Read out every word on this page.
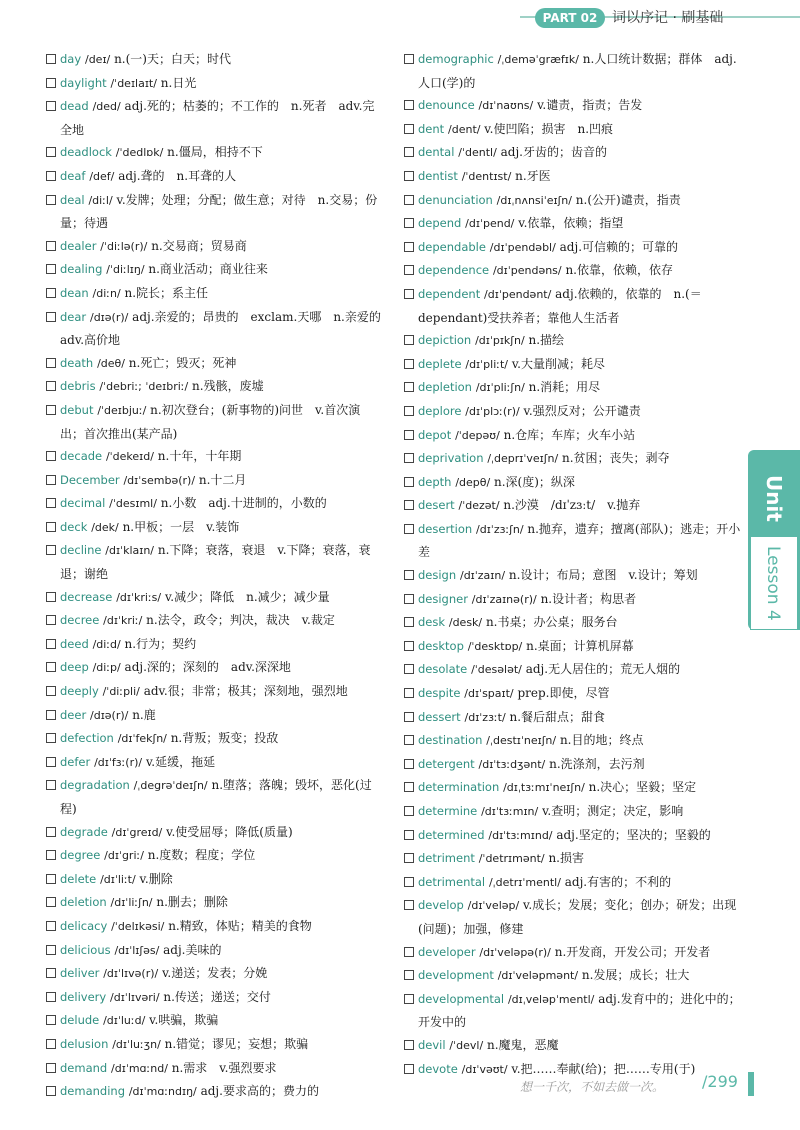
PART 02	词以序记 · 刷基础

day /deɪ/ n.(一)天；白天；时代

daylight /ˈdeɪlaɪt/ n.日光

dead /ded/ adj.死的；枯萎的；不工作的　n.死者　adv.完全地

deadlock /ˈdedlɒk/ n.僵局，相持不下

deaf /def/ adj.聋的　n.耳聋的人

deal /diːl/ v.发牌；处理；分配；做生意；对待　n.交易；份量；待遇

dealer /ˈdiːlə(r)/ n.交易商；贸易商

dealing /ˈdiːlɪŋ/ n.商业活动；商业往来

dean /diːn/ n.院长；系主任

dear /dɪə(r)/ adj.亲爱的；昂贵的　exclam.天哪　n.亲爱的　adv.高价地

death /deθ/ n.死亡；毁灭；死神

debris /ˈdebriː; ˈdeɪbriː/ n.残骸，废墟

debut /ˈdeɪbjuː/ n.初次登台；(新事物的)问世　v.首次演出；首次推出(某产品)

decade /ˈdekeɪd/ n.十年，十年期

December /dɪˈsembə(r)/ n.十二月

decimal /ˈdesɪml/ n.小数　adj.十进制的，小数的

deck /dek/ n.甲板；一层　v.装饰

decline /dɪˈklaɪn/ n.下降；衰落，衰退　v.下降；衰落，衰退；谢绝

decrease /dɪˈkriːs/ v.减少；降低　n.减少；减少量

decree /dɪˈkriː/ n.法令，政令；判决，裁决　v.裁定

deed /diːd/ n.行为；契约

deep /diːp/ adj.深的；深刻的　adv.深深地

deeply /ˈdiːpli/ adv.很；非常；极其；深刻地，强烈地

deer /dɪə(r)/ n.鹿

defection /dɪˈfekʃn/ n.背叛；叛变；投敌

defer /dɪˈfɜː(r)/ v.延缓，拖延

degradation /ˌdegrəˈdeɪʃn/ n.堕落；落魄；毁坏，恶化(过程)

degrade /dɪˈgreɪd/ v.使受屈辱；降低(质量)

degree /dɪˈgriː/ n.度数；程度；学位

delete /dɪˈliːt/ v.删除

deletion /dɪˈliːʃn/ n.删去；删除

delicacy /ˈdelɪkəsi/ n.精致，体贴；精美的食物

delicious /dɪˈlɪʃəs/ adj.美味的

deliver /dɪˈlɪvə(r)/ v.递送；发表；分娩

delivery /dɪˈlɪvəri/ n.传送；递送；交付

delude /dɪˈluːd/ v.哄骗，欺骗

delusion /dɪˈluːʒn/ n.错觉；谬见；妄想；欺骗

demand /dɪˈmɑːnd/ n.需求　v.强烈要求

demanding /dɪˈmɑːndɪŋ/ adj.要求高的；费力的

demographic /ˌdeməˈgræfɪk/ n.人口统计数据；群体　adj.人口(学)的

denounce /dɪˈnaʊns/ v.谴责，指责；告发

dent /dent/ v.使凹陷；损害　n.凹痕

dental /ˈdentl/ adj.牙齿的；齿音的

dentist /ˈdentɪst/ n.牙医

denunciation /dɪˌnʌnsiˈeɪʃn/ n.(公开)谴责，指责

depend /dɪˈpend/ v.依靠，依赖；指望

dependable /dɪˈpendəbl/ adj.可信赖的；可靠的

dependence /dɪˈpendəns/ n.依靠，依赖，依存

dependent /dɪˈpendənt/ adj.依赖的，依靠的　n.(＝dependant)受扶养者；靠他人生活者

depiction /dɪˈpɪkʃn/ n.描绘

deplete /dɪˈpliːt/ v.大量削减；耗尽

depletion /dɪˈpliːʃn/ n.消耗；用尽

deplore /dɪˈplɔː(r)/ v.强烈反对；公开谴责

depot /ˈdepəʊ/ n.仓库；车库；火车小站

deprivation /ˌdeprɪˈveɪʃn/ n.贫困；丧失；剥夺

depth /depθ/ n.深(度)；纵深

desert /ˈdezət/ n.沙漠　/dɪˈzɜːt/　v.抛弃

desertion /dɪˈzɜːʃn/ n.抛弃，遗弃；擅离(部队)；逃走；开小差

design /dɪˈzaɪn/ n.设计；布局；意图　v.设计；筹划

designer /dɪˈzaɪnə(r)/ n.设计者；构思者

desk /desk/ n.书桌；办公桌；服务台

desktop /ˈdesktɒp/ n.桌面；计算机屏幕

desolate /ˈdesələt/ adj.无人居住的；荒无人烟的

despite /dɪˈspaɪt/ prep.即使，尽管

dessert /dɪˈzɜːt/ n.餐后甜点；甜食

destination /ˌdestɪˈneɪʃn/ n.目的地；终点

detergent /dɪˈtɜːdʒənt/ n.洗涤剂，去污剂

determination /dɪˌtɜːmɪˈneɪʃn/ n.决心；坚毅；坚定

determine /dɪˈtɜːmɪn/ v.查明；测定；决定，影响

determined /dɪˈtɜːmɪnd/ adj.坚定的；坚决的；坚毅的

detriment /ˈdetrɪmənt/ n.损害

detrimental /ˌdetrɪˈmentl/ adj.有害的；不利的

develop /dɪˈveləp/ v.成长；发展；变化；创办；研发；出现(问题)；加强，修建

developer /dɪˈveləpə(r)/ n.开发商，开发公司；开发者

development /dɪˈveləpmənt/ n.发展；成长；壮大

developmental /dɪˌveləpˈmentl/ adj.发育中的；进化中的；开发中的

devil /ˈdevl/ n.魔鬼，恶魔

devote /dɪˈvəʊt/ v.把……奉献(给)；把……专用(于)

Unit 11
Lesson 4
想一千次，不如去做一次。	/299
